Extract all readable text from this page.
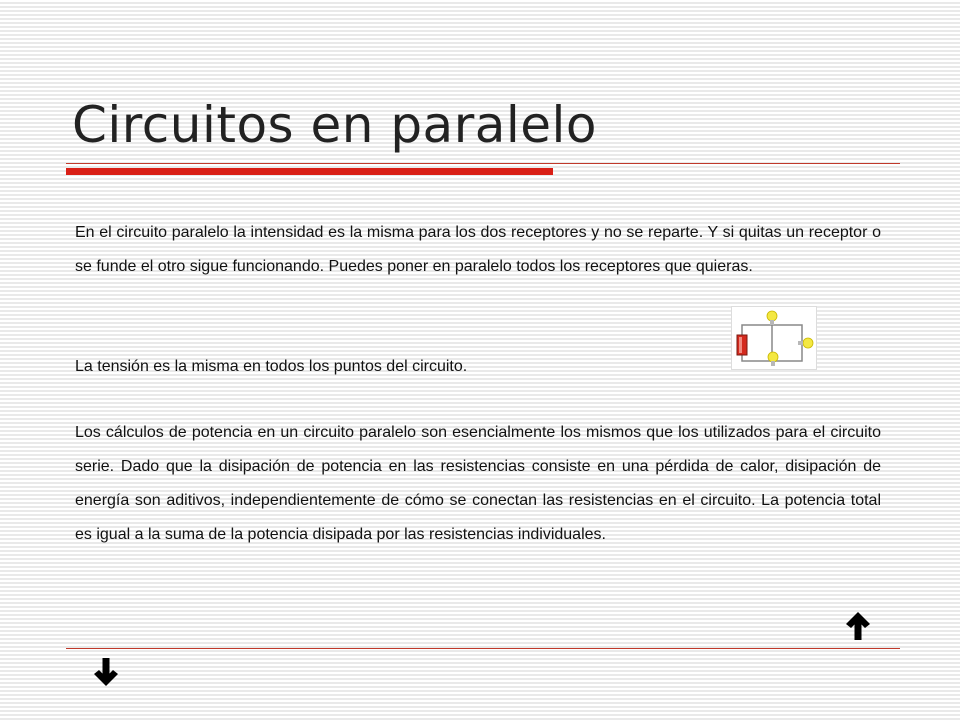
Circuitos en paralelo

En el circuito paralelo la intensidad es la misma para los dos receptores y no se reparte. Y si quitas un receptor o se funde el otro sigue funcionando. Puedes poner en paralelo todos los receptores que quieras.

La tensión es la misma en todos los puntos del circuito.

Los cálculos de potencia en un circuito paralelo son esencialmente los mismos que los utilizados para el circuito serie. Dado que la disipación de potencia en las resistencias consiste en una pérdida de calor, disipación de energía son aditivos, independientemente de cómo se conectan las resistencias en el circuito. La potencia total es igual a la suma de la potencia disipada por las resistencias individuales.
